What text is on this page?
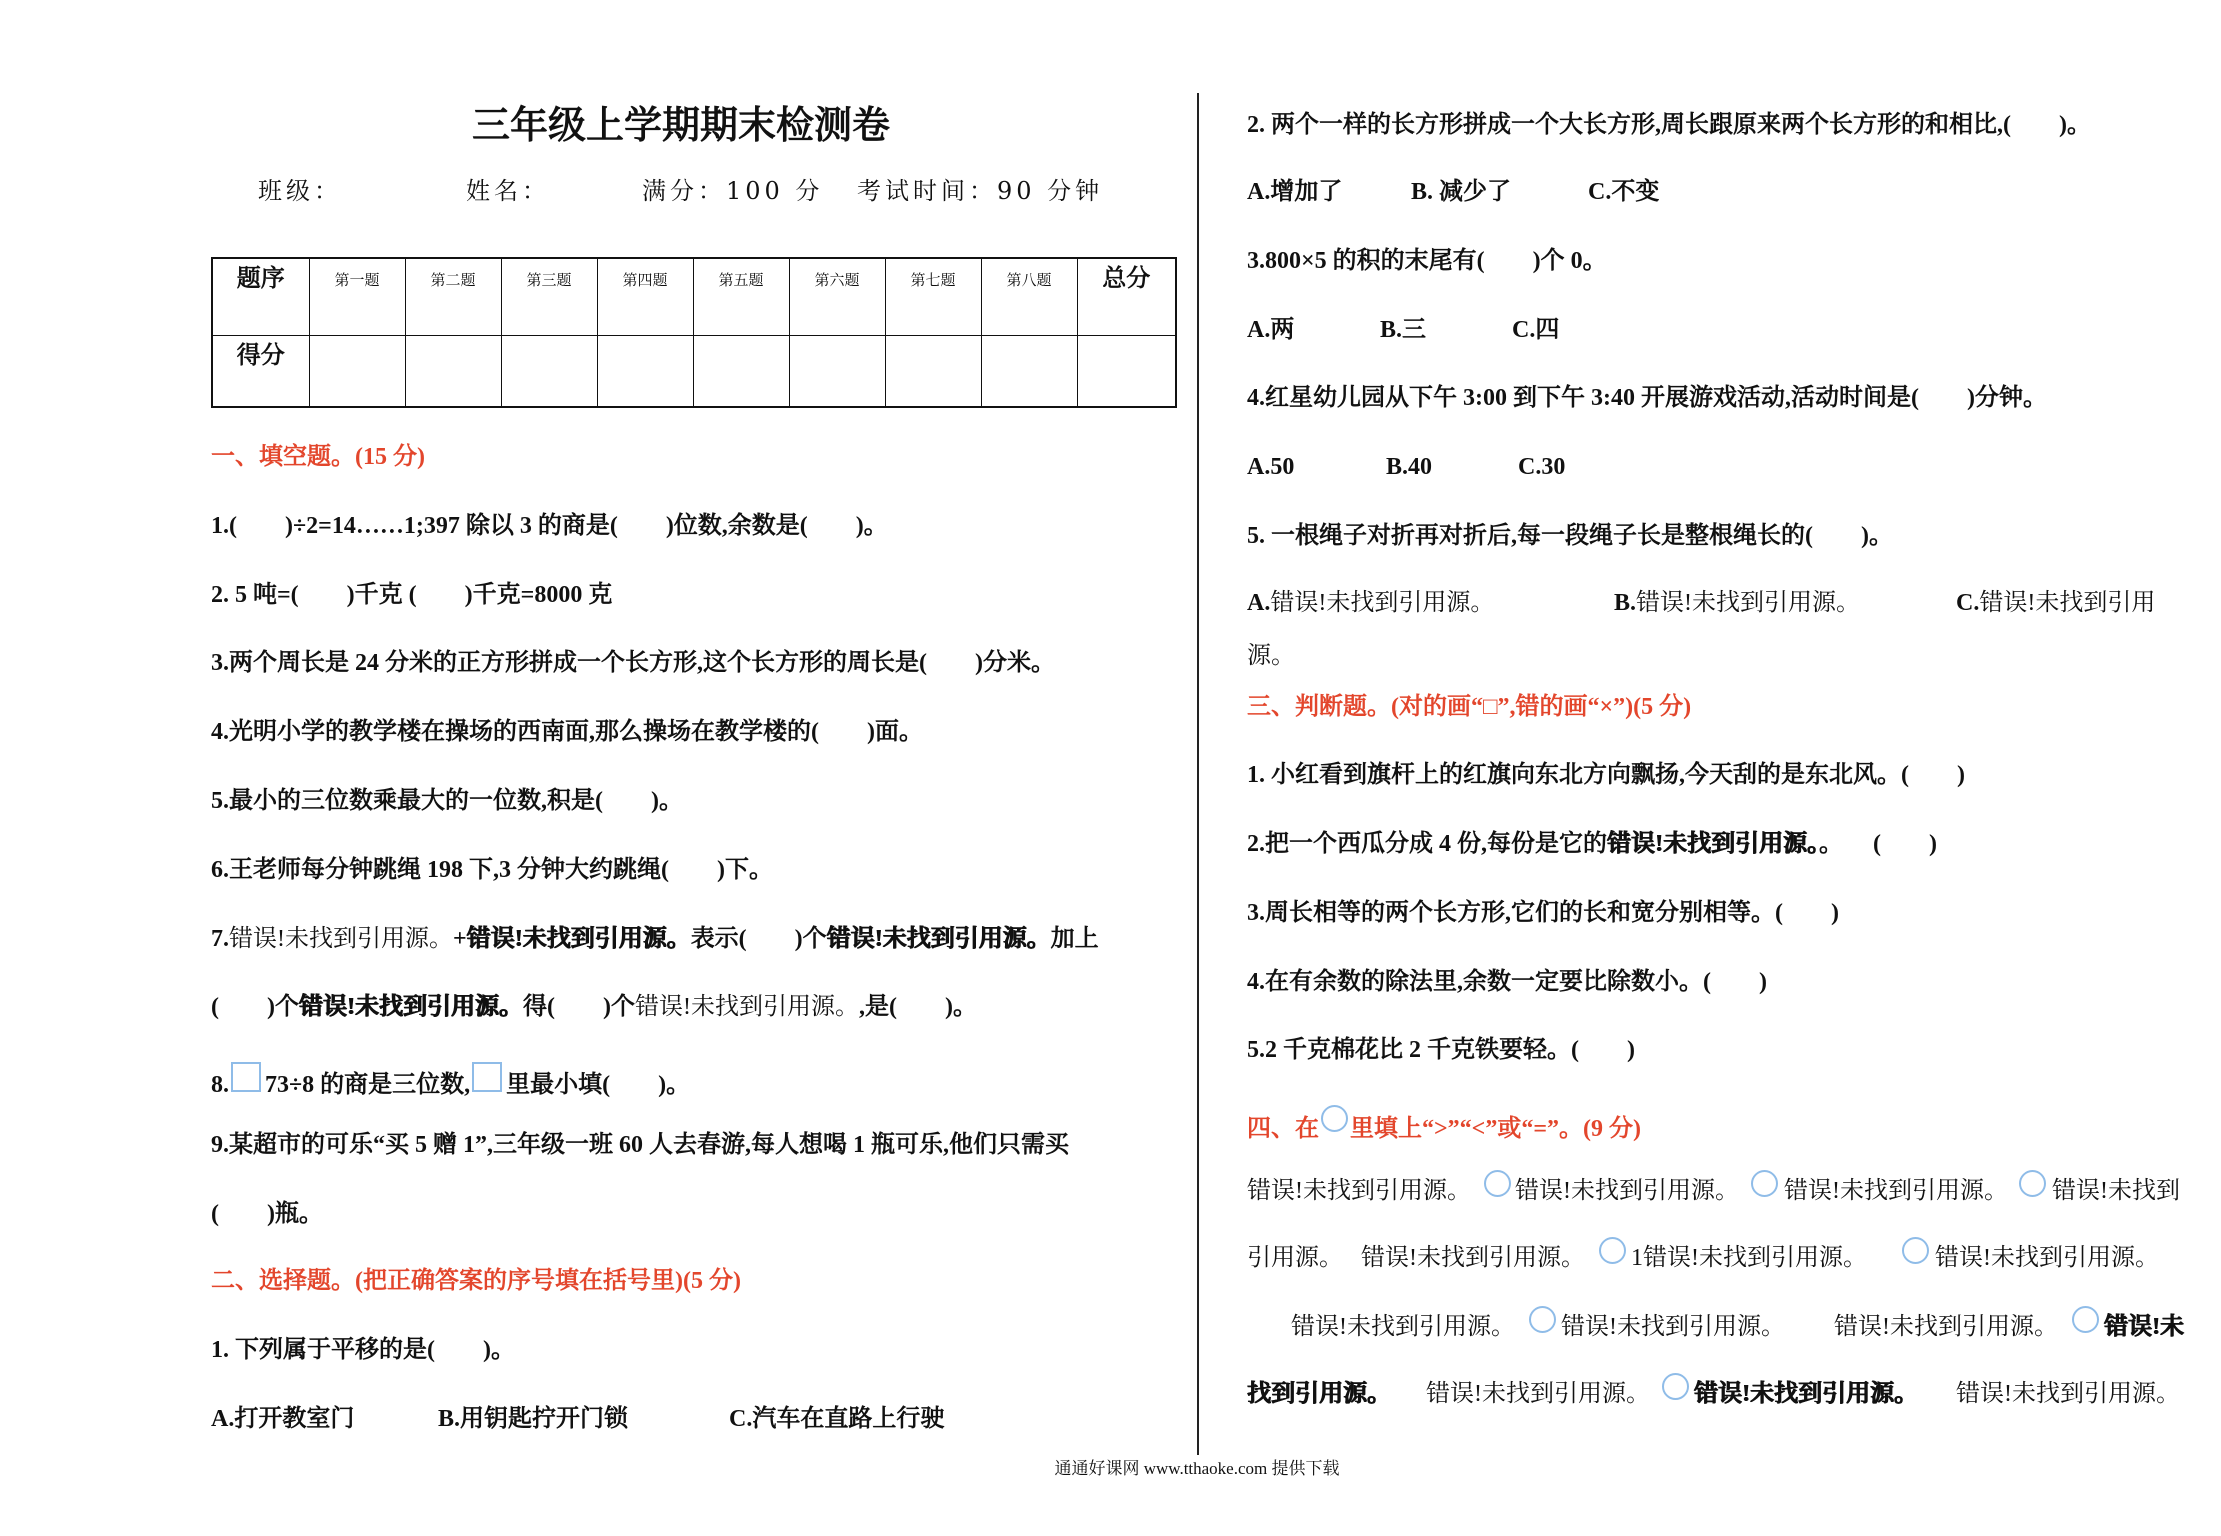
三年级上学期期末检测卷
班级：	姓名：	满分：100 分 考试时间：90 分钟
题序	第一题	第二题	第三题	第四题	第五题	第六题	第七题	第八题	总分
得分									
一、填空题。(15 分)
1.(　　)÷2=14……1;397 除以 3 的商是(　　)位数,余数是(　　)。
2. 5 吨=(　　)千克 (　　)千克=8000 克
3.两个周长是 24 分米的正方形拼成一个长方形,这个长方形的周长是(　　)分米。
4.光明小学的教学楼在操场的西南面,那么操场在教学楼的(　　)面。
5.最小的三位数乘最大的一位数,积是(　　)。
6.王老师每分钟跳绳 198 下,3 分钟大约跳绳(　　)下。
7.错误!未找到引用源。+错误!未找到引用源。表示(　　)个错误!未找到引用源。加上
(　　)个错误!未找到引用源。得(　　)个错误!未找到引用源。,是(　　)。
8. 73÷8 的商是三位数, 里最小填(　　)。
9.某超市的可乐“买 5 赠 1”,三年级一班 60 人去春游,每人想喝 1 瓶可乐,他们只需买
(　　)瓶。
二、选择题。(把正确答案的序号填在括号里)(5 分)
1. 下列属于平移的是(　　)。
A.打开教室门	B.用钥匙拧开门锁	C.汽车在直路上行驶
2. 两个一样的长方形拼成一个大长方形,周长跟原来两个长方形的和相比,(　　)。
A.增加了	B. 减少了	C.不变
3.800×5 的积的末尾有(　　)个 0。
A.两	B.三	C.四
4.红星幼儿园从下午 3:00 到下午 3:40 开展游戏活动,活动时间是(　　)分钟。
A.50	B.40	C.30
5. 一根绳子对折再对折后,每一段绳子长是整根绳长的(　　)。
A.错误!未找到引用源。	B.错误!未找到引用源。	C.错误!未找到引用
源。
三、判断题。(对的画“□”,错的画“×”)(5 分)
1. 小红看到旗杆上的红旗向东北方向飘扬,今天刮的是东北风。(　　)
2.把一个西瓜分成 4 份,每份是它的错误!未找到引用源。。 (　　)
3.周长相等的两个长方形,它们的长和宽分别相等。(　　)
4.在有余数的除法里,余数一定要比除数小。(　　)
5.2 千克棉花比 2 千克铁要轻。(　　)
四、在 里填上“>”“<”或“=”。(9 分)
错误!未找到引用源。 错误!未找到引用源。 错误!未找到引用源。 错误!未找到
引用源。 错误!未找到引用源。 1错误!未找到引用源。	错误!未找到引用源。
错误!未找到引用源。 错误!未找到引用源。 错误!未找到引用源。 错误!未
找到引用源。 错误!未找到引用源。 错误!未找到引用源。 错误!未找到引用源。
通通好课网 www.tthaoke.com 提供下载
